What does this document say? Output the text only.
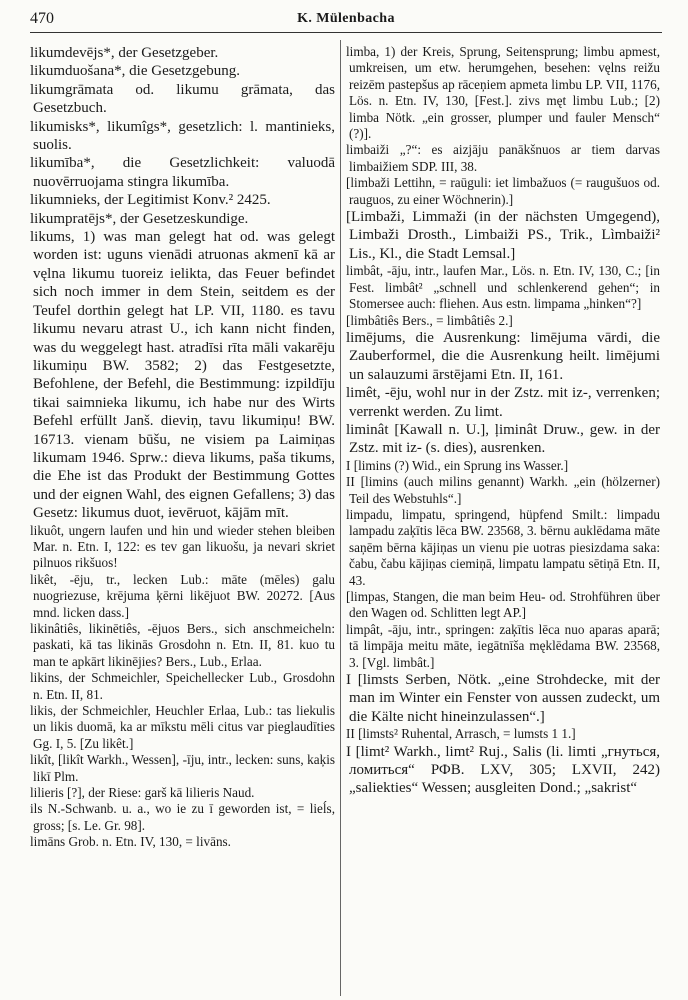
470	K. Mülenbacha

likumdevējs*, der Gesetzgeber.

likumduošana*, die Gesetzgebung.

likumgrāmata od. likumu grāmata, das Gesetzbuch.

likumisks*, likumîgs*, gesetzlich: l. mantinieks, suolis.

likumība*, die Gesetzlichkeit: valuodā nuovērruojama stingra likumība.

likumnieks, der Legitimist Konv.² 2425.

likumpratējs*, der Gesetzeskundige.

likums, 1) was man gelegt hat od. was gelegt worden ist: uguns vienādi atruonas akmenī kā ar vęlna likumu tuoreiz ielikta, das Feuer befindet sich noch immer in dem Stein, seitdem es der Teufel dorthin gelegt hat LP. VII, 1180. es tavu likumu nevaru atrast U., ich kann nicht finden, was du weggelegt hast. atradīsi rīta māli vakarēju likumiņu BW. 3582; 2) das Festgesetzte, Befohlene, der Befehl, die Bestimmung: izpildīju tikai saimnieka likumu, ich habe nur des Wirts Befehl erfüllt Janš. dieviņ, tavu likumiņu! BW. 16713. vienam būšu, ne visiem pa Laimiņas likumam 1946. Sprw.: dieva likums, paša tikums, die Ehe ist das Produkt der Bestimmung Gottes und der eignen Wahl, des eignen Gefallens; 3) das Gesetz: likumus duot, ievēruot, kājām mīt.

likuôt, ungern laufen und hin und wieder stehen bleiben Mar. n. Etn. I, 122: es tev gan likuošu, ja nevari skriet pilnuos rikšuos!

likêt, -ēju, tr., lecken Lub.: māte (mēles) galu nuogriezuse, krējuma ķērni likējuot BW. 20272. [Aus mnd. licken dass.]

likinâtiês, likinētiês, -ējuos Bers., sich anschmeicheln: paskati, kā tas likinās Grosdohn n. Etn. II, 81. kuo tu man te apkārt likinējies? Bers., Lub., Erlaa.

likins, der Schmeichler, Speichellecker Lub., Grosdohn n. Etn. II, 81.

likis, der Schmeichler, Heuchler Erlaa, Lub.: tas liekulis un likis duomā, ka ar mīkstu mēli citus var pieglaudīties Gg. I, 5. [Zu likêt.]

likît, [likît Warkh., Wessen], -īju, intr., lecken: suns, kaķis likī Plm.

lilieris [?], der Riese: garš kā lilieris Naud.

ils N.-Schwanb. u. a., wo ie zu ī geworden ist, = lieĺs, gross; [s. Le. Gr. 98].

limāns Grob. n. Etn. IV, 130, = livāns.

limba, 1) der Kreis, Sprung, Seitensprung; limbu apmest, umkreisen, um etw. herumgehen, besehen: vęlns reižu reizēm pastepšus ap rāceņiem apmeta limbu LP. VII, 1176, Lös. n. Etn. IV, 130, [Fest.]. zivs męt limbu Lub.; [2) limba Nötk. „ein grosser, plumper und fauler Mensch“ (?)].

limbaiži „?“: es aizjāju panākšnuos ar tiem darvas limbaižiem SDP. III, 38.

[limbaži Lettihn, = raūguli: iet limbažuos (= raugušuos od. rauguos, zu einer Wöchnerin).]

[Limbaži, Limmaži (in der nächsten Umgegend), Limbaži Drosth., Limbaiži PS., Trik., Lìmbaiži² Lis., Kl., die Stadt Lemsal.]

limbât, -āju, intr., laufen Mar., Lös. n. Etn. IV, 130, C.; [in Fest. limbât² „schnell und schlenkerend gehen“; in Stomersee auch: fliehen. Aus estn. limpama „hinken“?]

[limbâtiês Bers., = limbâtiês 2.]

limējums, die Ausrenkung: limējuma vārdi, die Zauberformel, die die Ausrenkung heilt. limējumi un salauzumi ārstējami Etn. II, 161.

limêt, -ēju, wohl nur in der Zstz. mit iz-, verrenken; verrenkt werden. Zu limt.

liminât [Kawall n. U.], ļiminât Druw., gew. in der Zstz. mit iz- (s. dies), ausrenken.

I [limins (?) Wid., ein Sprung ins Wasser.]

II [limins (auch milins genannt) Warkh. „ein (hölzerner) Teil des Webstuhls“.]

limpadu, limpatu, springend, hüpfend Smilt.: limpadu lampadu zaķītis lēca BW. 23568, 3. bērnu auklēdama māte saņēm bērna kājiņas un vienu pie uotras piesizdama saka: čabu, čabu kājiņas ciemiņā, limpatu lampatu sētiņā Etn. II, 43.

[limpas, Stangen, die man beim Heu- od. Strohführen über den Wagen od. Schlitten legt AP.]

limpât, -āju, intr., springen: zaķītis lēca nuo aparas aparā; tā limpāja meitu māte, iegātnīša męklēdama BW. 23568, 3. [Vgl. limbât.]

I [limsts Serben, Nötk. „eine Strohdecke, mit der man im Winter ein Fenster von aussen zudeckt, um die Kälte nicht hineinzulassen“.]

II [limsts² Ruhental, Arrasch, = lumsts 1 1.]

I [limt² Warkh., limt² Ruj., Salis (li. limti „гнуться, ломиться“ РФВ. LXV, 305; LXVII, 242) „saliekties“ Wessen; ausgleiten Dond.; „sakrist“
